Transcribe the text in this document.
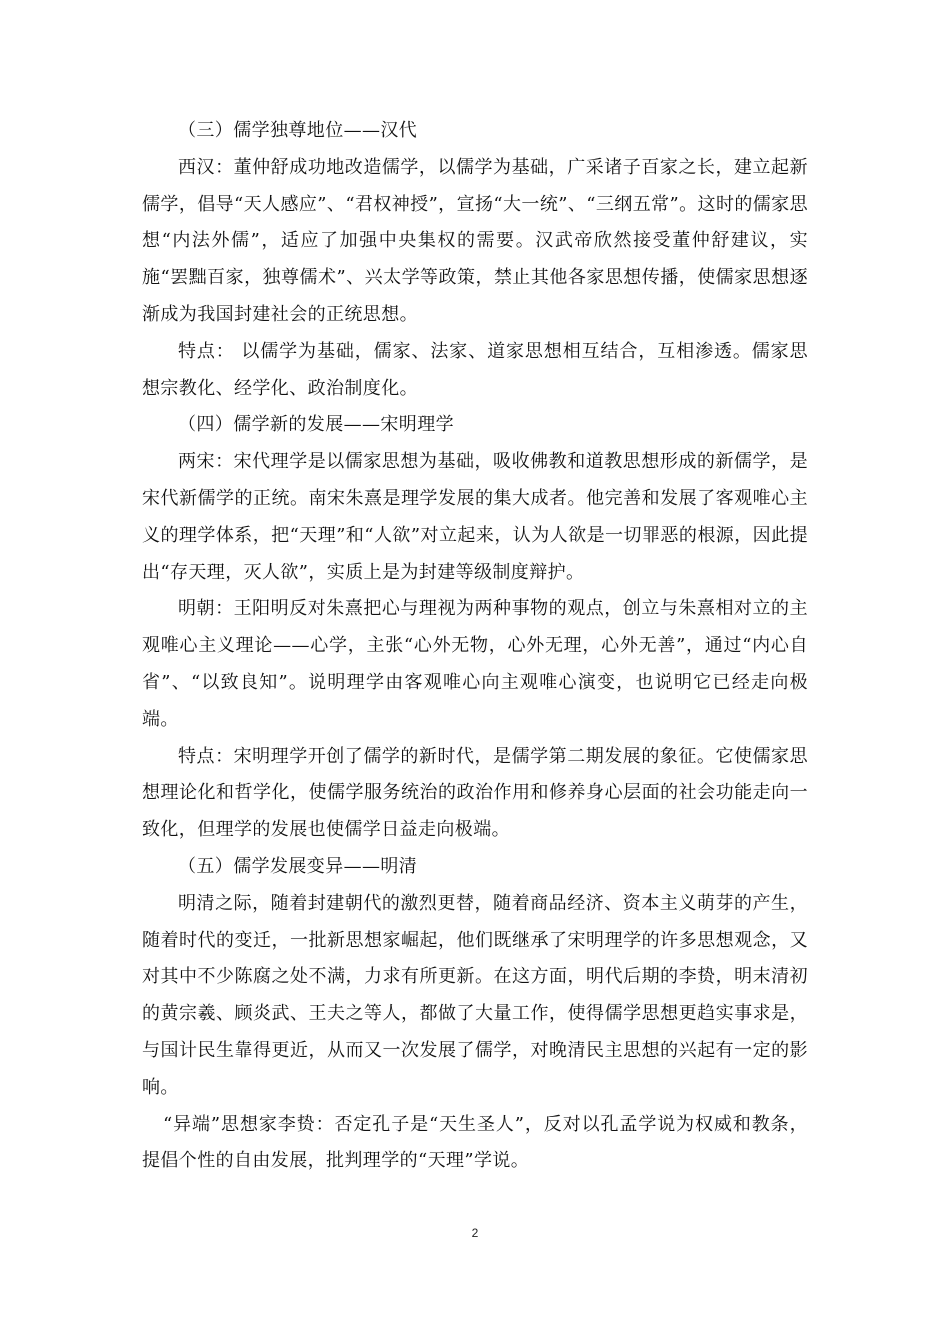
（三）儒学独尊地位——汉代

西汉：董仲舒成功地改造儒学，以儒学为基础，广采诸子百家之长，建立起新儒学，倡导“天人感应”、“君权神授”，宣扬“大一统”、“三纲五常”。这时的儒家思想“内法外儒”，适应了加强中央集权的需要。汉武帝欣然接受董仲舒建议，实施“罢黜百家，独尊儒术”、兴太学等政策，禁止其他各家思想传播，使儒家思想逐渐成为我国封建社会的正统思想。

特点： 以儒学为基础，儒家、法家、道家思想相互结合，互相渗透。儒家思想宗教化、经学化、政治制度化。

（四）儒学新的发展——宋明理学

两宋：宋代理学是以儒家思想为基础，吸收佛教和道教思想形成的新儒学，是宋代新儒学的正统。南宋朱熹是理学发展的集大成者。他完善和发展了客观唯心主义的理学体系，把“天理”和“人欲”对立起来，认为人欲是一切罪恶的根源，因此提出“存天理，灭人欲”，实质上是为封建等级制度辩护。

明朝：王阳明反对朱熹把心与理视为两种事物的观点，创立与朱熹相对立的主观唯心主义理论——心学，主张“心外无物，心外无理，心外无善”，通过“内心自省”、“以致良知”。说明理学由客观唯心向主观唯心演变，也说明它已经走向极端。

特点：宋明理学开创了儒学的新时代，是儒学第二期发展的象征。它使儒家思想理论化和哲学化，使儒学服务统治的政治作用和修养身心层面的社会功能走向一致化，但理学的发展也使儒学日益走向极端。

（五）儒学发展变异——明清

明清之际，随着封建朝代的激烈更替，随着商品经济、资本主义萌芽的产生，随着时代的变迁，一批新思想家崛起，他们既继承了宋明理学的许多思想观念，又对其中不少陈腐之处不满，力求有所更新。在这方面，明代后期的李贽，明末清初的黄宗羲、顾炎武、王夫之等人，都做了大量工作，使得儒学思想更趋实事求是，与国计民生靠得更近，从而又一次发展了儒学，对晚清民主思想的兴起有一定的影响。

“异端”思想家李贽：否定孔子是“天生圣人”，反对以孔孟学说为权威和教条，提倡个性的自由发展，批判理学的“天理”学说。

2
